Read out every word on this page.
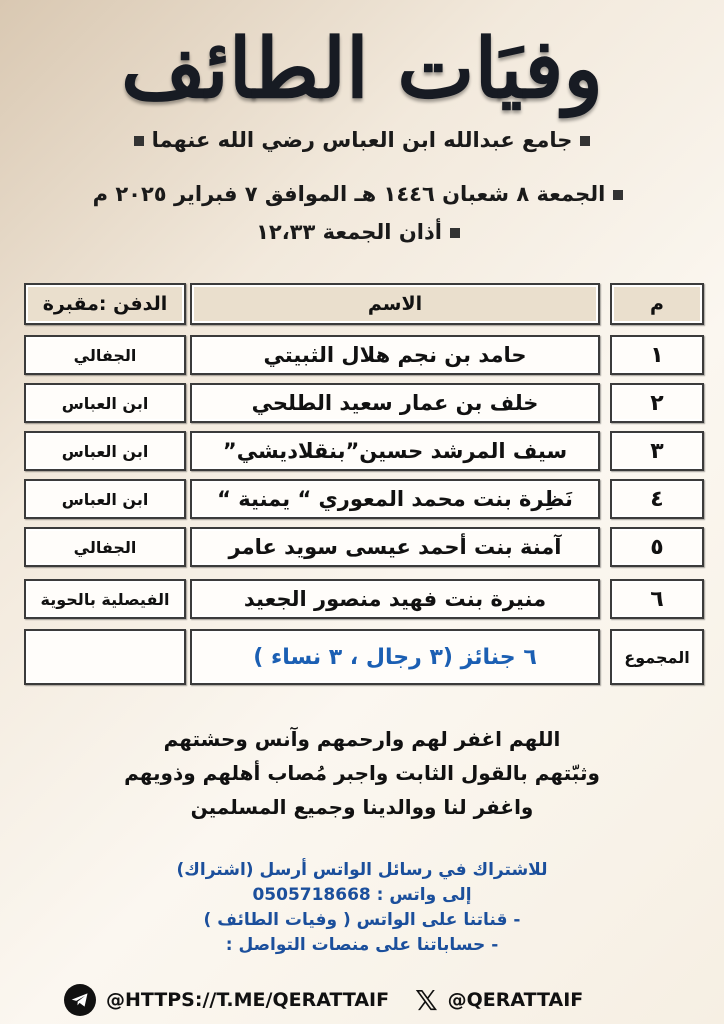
وفيَات الطائف
جامع عبدالله ابن العباس رضي الله عنهما
الجمعة ٨ شعبان ١٤٤٦ هـ الموافق ٧ فبراير ٢٠٢٥ م
أذان الجمعة ١٢،٣٣
م
الاسم
الدفن :مقبرة
١
حامد بن نجم هلال الثبيتي
الجفالي
٢
خلف بن عمار سعيد الطلحي
ابن العباس
٣
سيف المرشد حسين”بنقلاديشي”
ابن العباس
٤
نَظِرة بنت محمد المعوري “ يمنية “
ابن العباس
٥
آمنة بنت أحمد عيسى سويد عامر
الجفالي
٦
منيرة بنت فهيد منصور الجعيد
الفيصلية بالحوية
المجموع
٦ جنائز (٣ رجال ، ٣ نساء )
اللهم اغفر لهم وارحمهم وآنس وحشتهم
وثبّتهم بالقول الثابت واجبر مُصاب أهلهم وذويهم
واغفر لنا ووالدينا وجميع المسلمين
للاشتراك في رسائل الواتس أرسل (اشتراك)
إلى واتس : 0505718668
- قناتنا على الواتس ( وفيات الطائف )
- حساباتنا على منصات التواصل :
@HTTPS://T.ME/QERATTAIF 𝕏 @QERATTAIF
